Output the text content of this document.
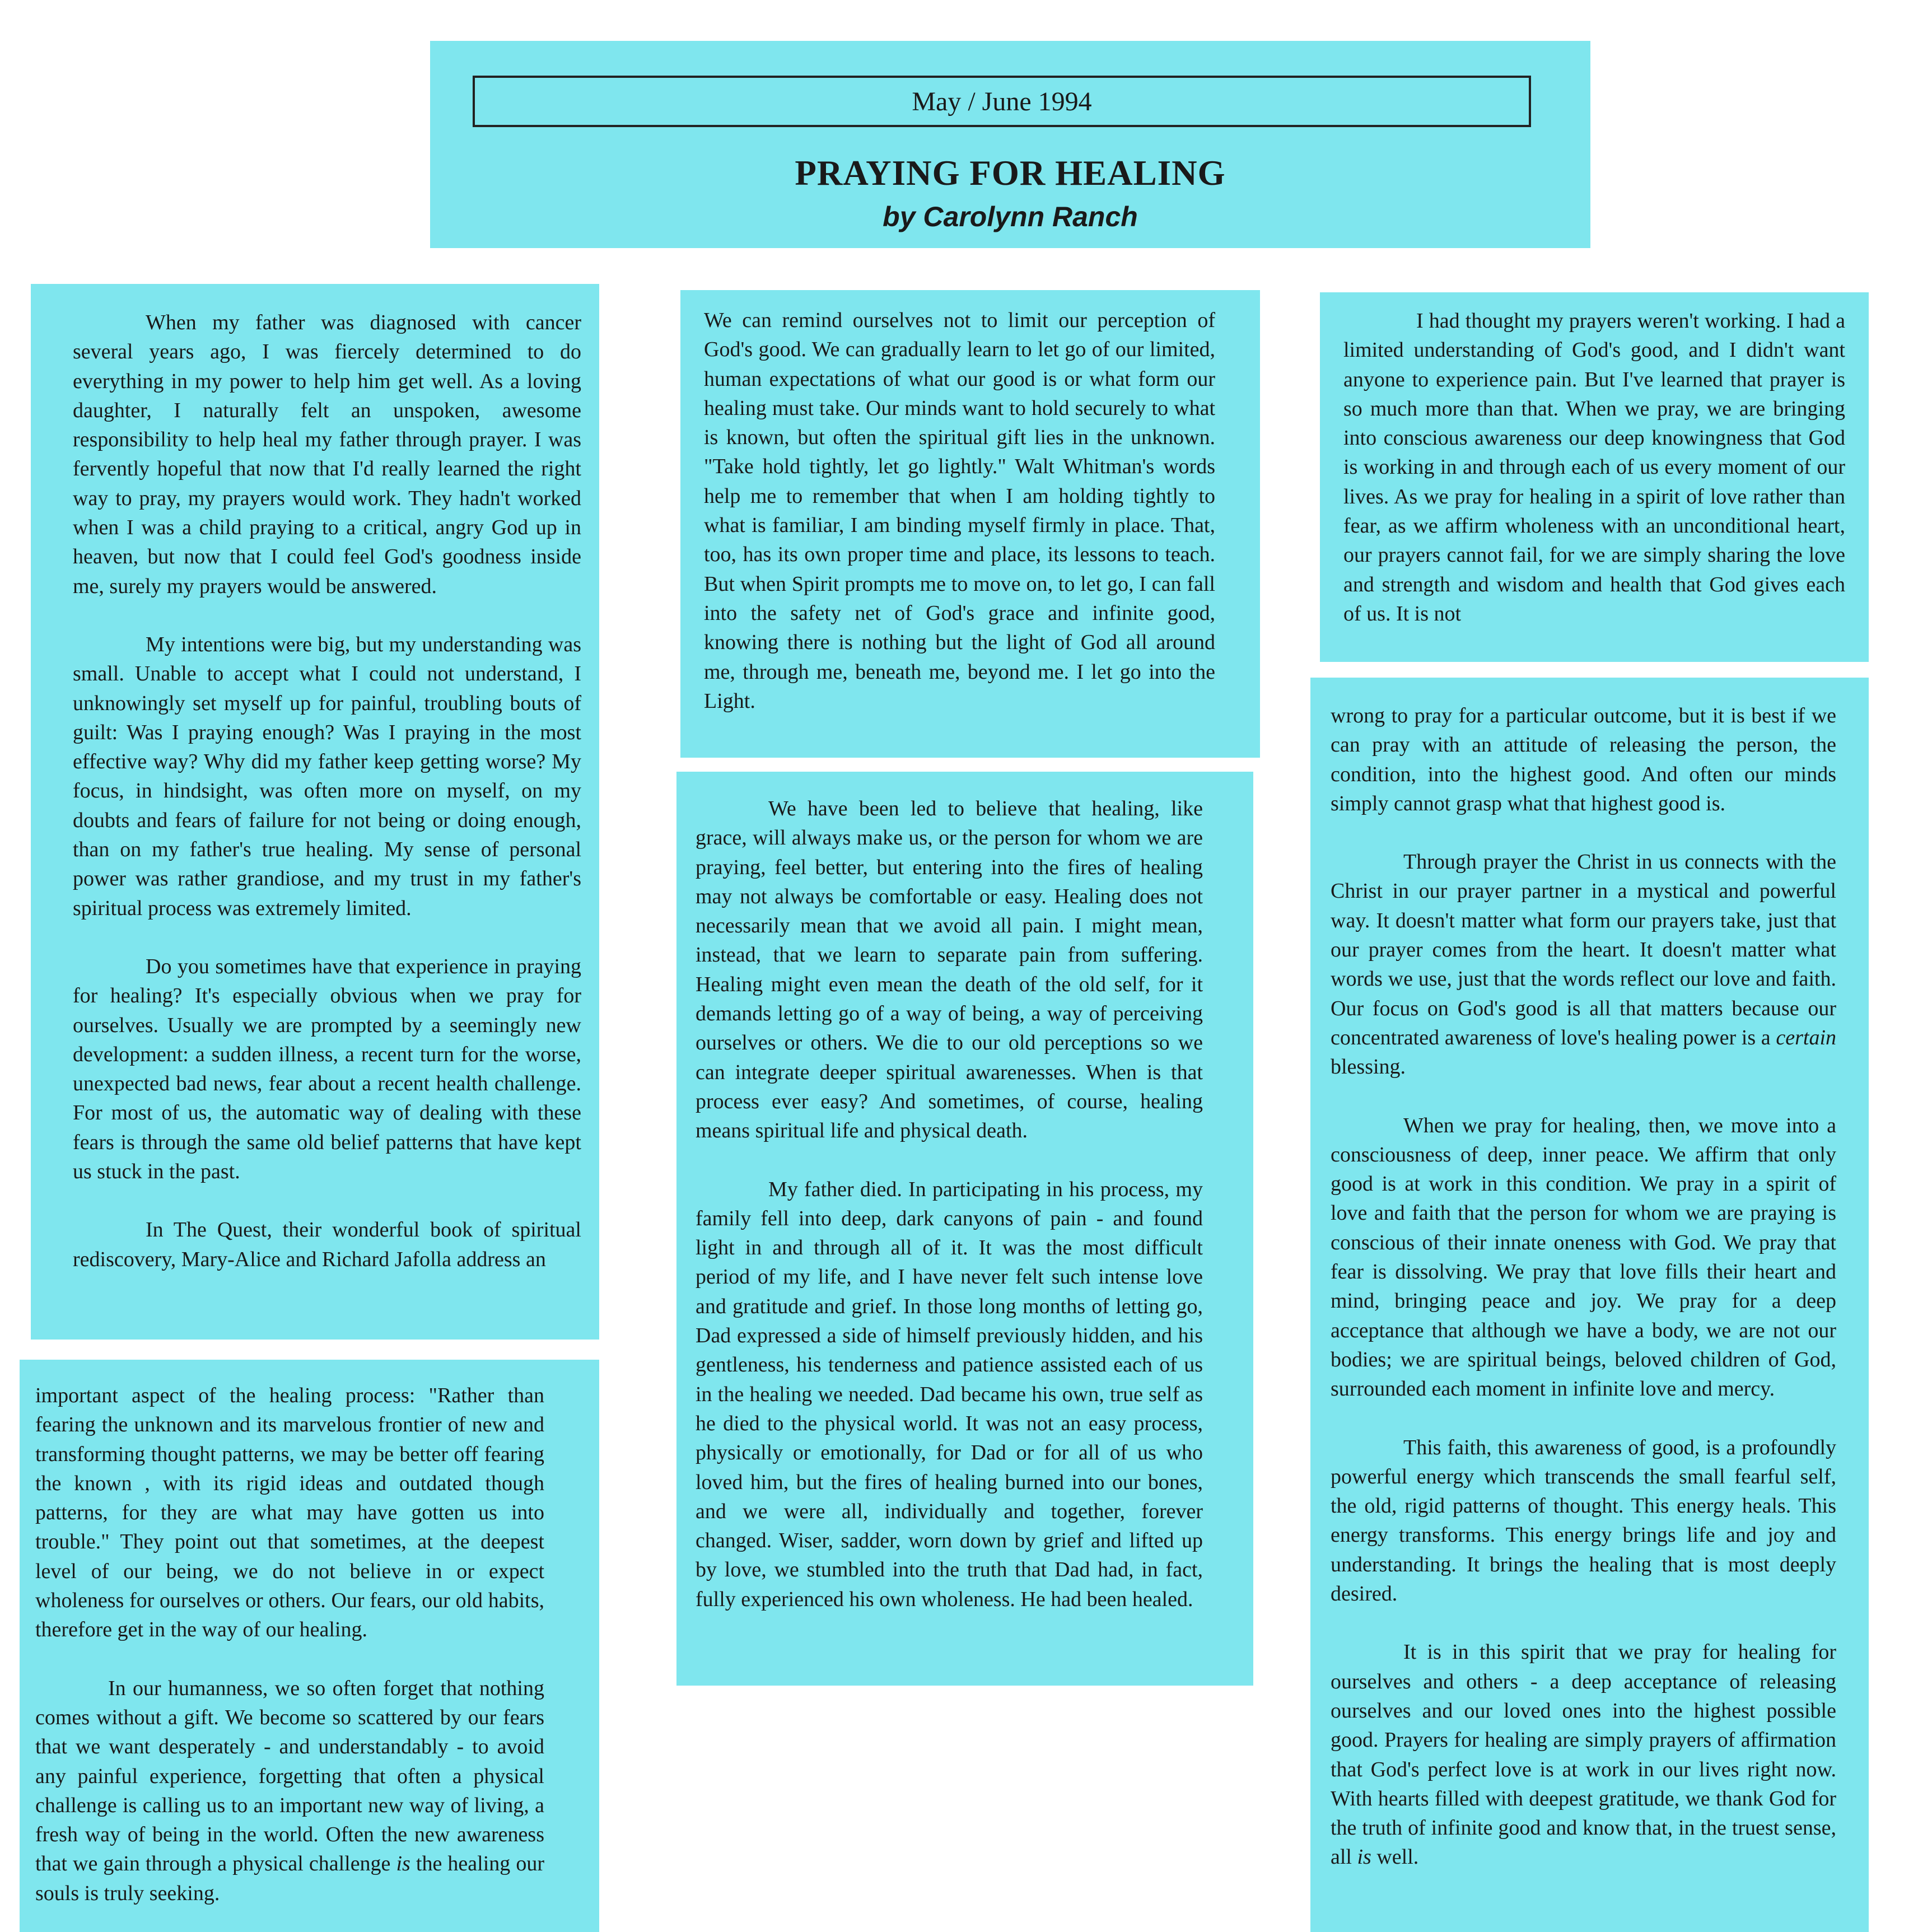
May / June 1994
PRAYING FOR HEALING
by Carolynn Ranch

When my father was diagnosed with cancer several years ago, I was fiercely determined to do everything in my power to help him get well. As a loving daughter, I naturally felt an unspoken, awesome responsibility to help heal my father through prayer. I was fervently hopeful that now that I'd really learned the right way to pray, my prayers would work. They hadn't worked when I was a child praying to a critical, angry God up in heaven, but now that I could feel God's goodness inside me, surely my prayers would be answered.

My intentions were big, but my understanding was small. Unable to accept what I could not understand, I unknowingly set myself up for painful, troubling bouts of guilt: Was I praying enough? Was I praying in the most effective way? Why did my father keep getting worse? My focus, in hindsight, was often more on myself, on my doubts and fears of failure for not being or doing enough, than on my father's true healing. My sense of personal power was rather grandiose, and my trust in my father's spiritual process was extremely limited.

Do you sometimes have that experience in praying for healing? It's especially obvious when we pray for ourselves. Usually we are prompted by a seemingly new development: a sudden illness, a recent turn for the worse, unexpected bad news, fear about a recent health challenge. For most of us, the automatic way of dealing with these fears is through the same old belief patterns that have kept us stuck in the past.

In The Quest, their wonderful book of spiritual rediscovery, Mary-Alice and Richard Jafolla address an

important aspect of the healing process: "Rather than fearing the unknown and its marvelous frontier of new and transforming thought patterns, we may be better off fearing the known , with its rigid ideas and outdated though patterns, for they are what may have gotten us into trouble." They point out that sometimes, at the deepest level of our being, we do not believe in or expect wholeness for ourselves or others. Our fears, our old habits, therefore get in the way of our healing.

In our humanness, we so often forget that nothing comes without a gift. We become so scattered by our fears that we want desperately - and understandably - to avoid any painful experience, forgetting that often a physical challenge is calling us to an important new way of living, a fresh way of being in the world. Often the new awareness that we gain through a physical challenge is the healing our souls is truly seeking.

We can remind ourselves not to limit our perception of God's good. We can gradually learn to let go of our limited, human expectations of what our good is or what form our healing must take. Our minds want to hold securely to what is known, but often the spiritual gift lies in the unknown. "Take hold tightly, let go lightly." Walt Whitman's words help me to remember that when I am holding tightly to what is familiar, I am binding myself firmly in place. That, too, has its own proper time and place, its lessons to teach. But when Spirit prompts me to move on, to let go, I can fall into the safety net of God's grace and infinite good, knowing there is nothing but the light of God all around me, through me, beneath me, beyond me. I let go into the Light.

We have been led to believe that healing, like grace, will always make us, or the person for whom we are praying, feel better, but entering into the fires of healing may not always be comfortable or easy. Healing does not necessarily mean that we avoid all pain. I might mean, instead, that we learn to separate pain from suffering. Healing might even mean the death of the old self, for it demands letting go of a way of being, a way of perceiving ourselves or others. We die to our old perceptions so we can integrate deeper spiritual awarenesses. When is that process ever easy? And sometimes, of course, healing means spiritual life and physical death.

My father died. In participating in his process, my family fell into deep, dark canyons of pain - and found light in and through all of it. It was the most difficult period of my life, and I have never felt such intense love and gratitude and grief. In those long months of letting go, Dad expressed a side of himself previously hidden, and his gentleness, his tenderness and patience assisted each of us in the healing we needed. Dad became his own, true self as he died to the physical world. It was not an easy process, physically or emotionally, for Dad or for all of us who loved him, but the fires of healing burned into our bones, and we were all, individually and together, forever changed. Wiser, sadder, worn down by grief and lifted up by love, we stumbled into the truth that Dad had, in fact, fully experienced his own wholeness. He had been healed.

I had thought my prayers weren't working. I had a limited understanding of God's good, and I didn't want anyone to experience pain. But I've learned that prayer is so much more than that. When we pray, we are bringing into conscious awareness our deep knowingness that God is working in and through each of us every moment of our lives. As we pray for healing in a spirit of love rather than fear, as we affirm wholeness with an unconditional heart, our prayers cannot fail, for we are simply sharing the love and strength and wisdom and health that God gives each of us. It is not

wrong to pray for a particular outcome, but it is best if we can pray with an attitude of releasing the person, the condition, into the highest good. And often our minds simply cannot grasp what that highest good is.

Through prayer the Christ in us connects with the Christ in our prayer partner in a mystical and powerful way. It doesn't matter what form our prayers take, just that our prayer comes from the heart. It doesn't matter what words we use, just that the words reflect our love and faith. Our focus on God's good is all that matters because our concentrated awareness of love's healing power is a certain blessing.

When we pray for healing, then, we move into a consciousness of deep, inner peace. We affirm that only good is at work in this condition. We pray in a spirit of love and faith that the person for whom we are praying is conscious of their innate oneness with God. We pray that fear is dissolving. We pray that love fills their heart and mind, bringing peace and joy. We pray for a deep acceptance that although we have a body, we are not our bodies; we are spiritual beings, beloved children of God, surrounded each moment in infinite love and mercy.

This faith, this awareness of good, is a profoundly powerful energy which transcends the small fearful self, the old, rigid patterns of thought. This energy heals. This energy transforms. This energy brings life and joy and understanding. It brings the healing that is most deeply desired.

It is in this spirit that we pray for healing for ourselves and others - a deep acceptance of releasing ourselves and our loved ones into the highest possible good. Prayers for healing are simply prayers of affirmation that God's perfect love is at work in our lives right now. With hearts filled with deepest gratitude, we thank God for the truth of infinite good and know that, in the truest sense, all is well.
